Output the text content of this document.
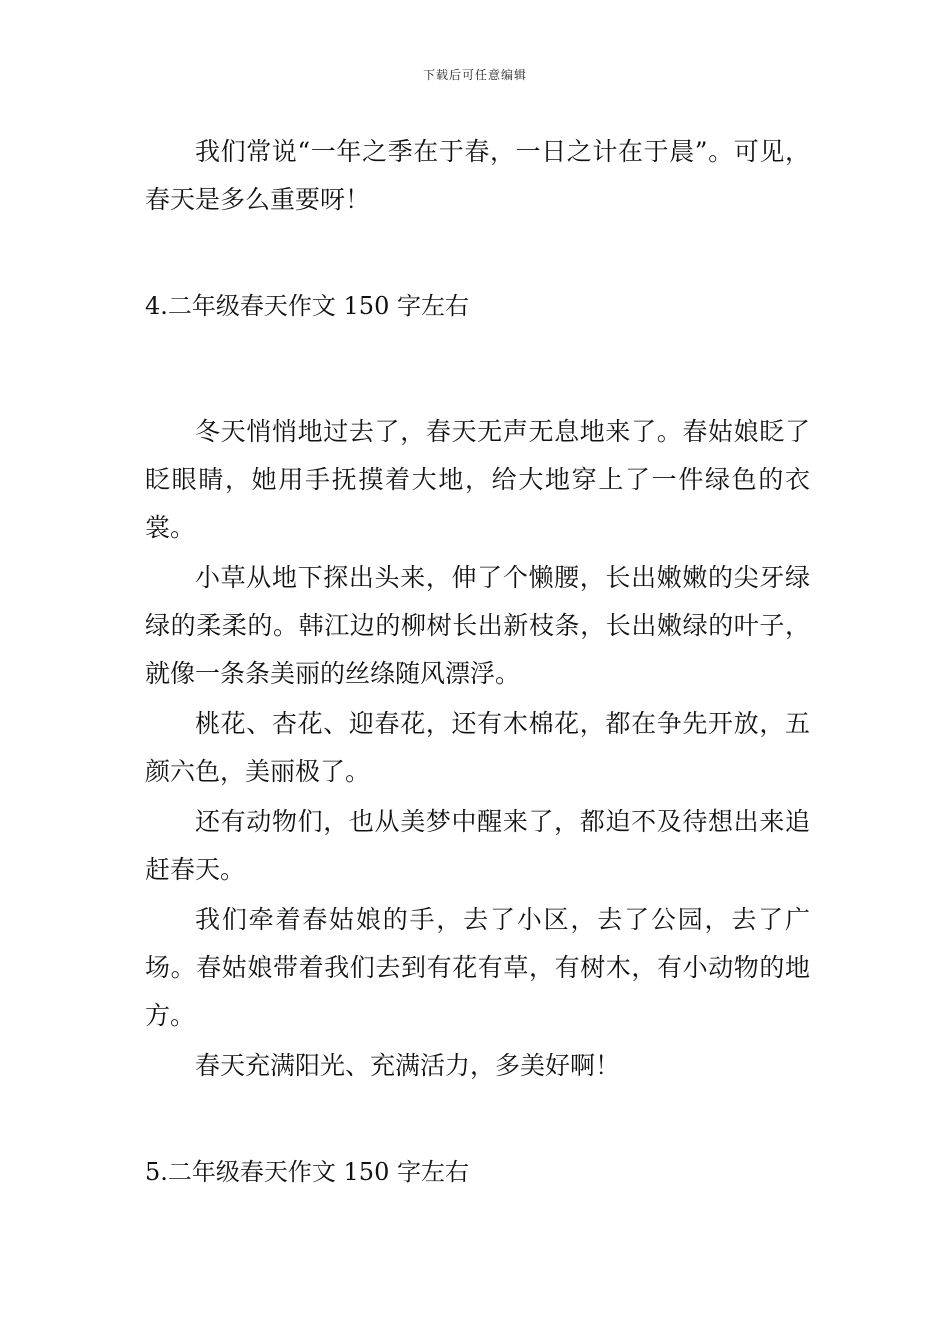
下载后可任意编辑

我们常说“一年之季在于春，一日之计在于晨”。可见，春天是多么重要呀！

4.二年级春天作文 150 字左右

冬天悄悄地过去了，春天无声无息地来了。春姑娘眨了眨眼睛，她用手抚摸着大地，给大地穿上了一件绿色的衣裳。

小草从地下探出头来，伸了个懒腰，长出嫩嫩的尖牙绿绿的柔柔的。韩江边的柳树长出新枝条，长出嫩绿的叶子，就像一条条美丽的丝绦随风漂浮。

桃花、杏花、迎春花，还有木棉花，都在争先开放，五颜六色，美丽极了。

还有动物们，也从美梦中醒来了，都迫不及待想出来追赶春天。

我们牵着春姑娘的手，去了小区，去了公园，去了广场。春姑娘带着我们去到有花有草，有树木，有小动物的地方。

春天充满阳光、充满活力，多美好啊！

5.二年级春天作文 150 字左右
